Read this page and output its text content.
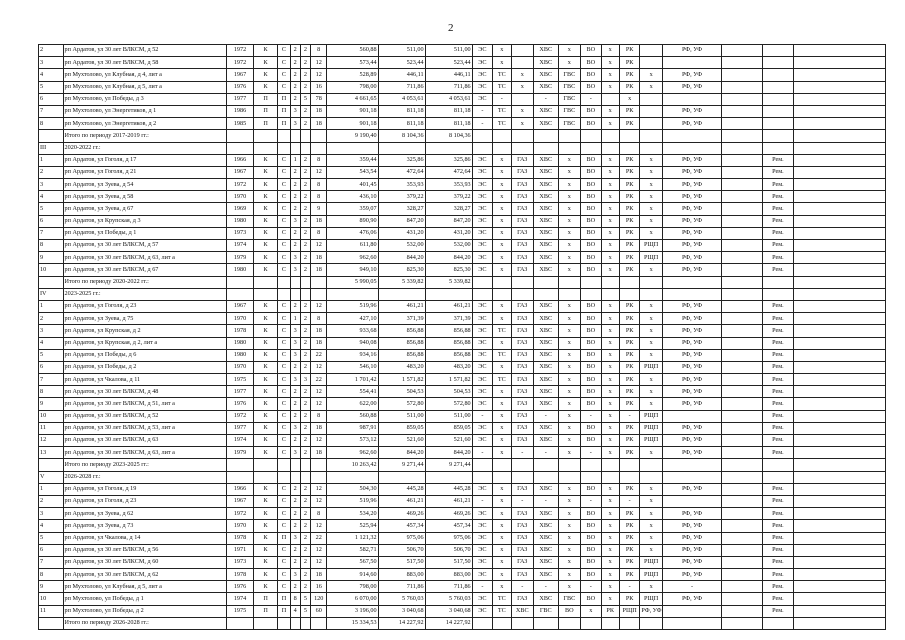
2
2	рп Ардатов, ул 30 лет ВЛКСМ, д 52	1972	К	С	2	2	8	560,88	511,00	511,00	ЭС	х		ХВС	х	ВО	х	РК		РФ, УФ			
3	рп Ардатов, ул 30 лет ВЛКСМ, д 58	1972	К	С	2	2	12	573,44	523,44	523,44	ЭС	х		ХВС	х	ВО	х	РК					
4	рп Мухтолово, ул Клубная, д 4, лит а	1967	К	С	2	2	12	528,89	446,11	446,11	ЭС	ТС	х	ХВС	ГВС	ВО	х	РК	х	РФ, УФ			
5	рп Мухтолово, ул Клубная, д 5, лит а	1976	К	С	2	2	16	798,00	711,86	711,86	ЭС	ТС	х	ХВС	ГВС	ВО	х	РК	х	РФ, УФ			
6	рп Мухтолово, ул Победы, д 3	1977	П	П	2	5	78	4 661,65	4 053,61	4 053,61	ЭС	-		-	ГВС	-		х					
7	рп Мухтолово, ул Энергетиков, д 1	1986	П	П	3	2	18	901,18	811,18	811,18	-	ТС	х	ХВС	ГВС	ВО	х	РК		РФ, УФ			
8	рп Мухтолово, ул Энергетиков, д 2	1985	П	П	3	2	18	901,18	811,18	811,18	-	ТС	х	ХВС	ГВС	ВО	х	РК		РФ, УФ			
	Итого по периоду 2017-2019 гг.:							9 190,40	8 104,36	8 104,36													
III	2020-2022 гг.:																						
1	рп Ардатов, ул Гоголя, д 17	1966	К	С	1	2	8	359,44	325,86	325,86	ЭС	х	ГАЗ	ХВС	х	ВО	х	РК	х	РФ, УФ		Рем.	
2	рп Ардатов, ул Гоголя, д 21	1967	К	С	2	2	12	543,54	472,64	472,64	ЭС	х	ГАЗ	ХВС	х	ВО	х	РК	х	РФ, УФ		Рем.	
3	рп Ардатов, ул Зуева, д 54	1972	К	С	2	2	8	401,45	353,93	353,93	ЭС	х	ГАЗ	ХВС	х	ВО	х	РК	х	РФ, УФ		Рем.	
4	рп Ардатов, ул Зуева, д 58	1970	К	С	2	2	8	436,10	379,22	379,22	ЭС	х	ГАЗ	ХВС	х	ВО	х	РК	х	РФ, УФ		Рем.	
5	рп Ардатов, ул Зуева, д 67	1969	К	С	2	2	9	359,07	328,27	328,27	ЭС	х	ГАЗ	ХВС	х	ВО	х	РК	х	РФ, УФ		Рем.	
6	рп Ардатов, ул Крупская, д 3	1980	К	С	3	2	18	890,90	847,20	847,20	ЭС	х	ГАЗ	ХВС	х	ВО	х	РК	х	РФ, УФ		Рем.	
7	рп Ардатов, ул Победы, д 1	1973	К	С	2	2	8	476,06	431,20	431,20	ЭС	х	ГАЗ	ХВС	х	ВО	х	РК	х	РФ, УФ		Рем.	
8	рп Ардатов, ул 30 лет ВЛКСМ, д 57	1974	К	С	2	2	12	611,80	532,00	532,00	ЭС	х	ГАЗ	ХВС	х	ВО	х	РК	РЩП	РФ, УФ		Рем.	
9	рп Ардатов, ул 30 лет ВЛКСМ, д 63, лит а	1979	К	С	3	2	18	962,60	844,20	844,20	ЭС	х	ГАЗ	ХВС	х	ВО	х	РК	РЩП	РФ, УФ		Рем.	
10	рп Ардатов, ул 30 лет ВЛКСМ, д 67	1980	К	С	3	2	18	949,10	825,30	825,30	ЭС	х	ГАЗ	ХВС	х	ВО	х	РК	х	РФ, УФ		Рем.	
	Итого по периоду 2020-2022 гг.:							5 990,05	5 339,82	5 339,82													
IV	2023-2025 гг.:																						
1	рп Ардатов, ул Гоголя, д 23	1967	К	С	2	2	12	519,96	461,21	461,21	ЭС	х	ГАЗ	ХВС	х	ВО	х	РК	х	РФ, УФ		Рем.	
2	рп Ардатов, ул Зуева, д 75	1970	К	С	1	2	8	427,10	371,39	371,39	ЭС	х	ГАЗ	ХВС	х	ВО	х	РК	х	РФ, УФ		Рем.	
3	рп Ардатов, ул Крупская, д 2	1978	К	С	3	2	18	933,68	856,88	856,88	ЭС	ТС	ГАЗ	ХВС	х	ВО	х	РК	х	РФ, УФ		Рем.	
4	рп Ардатов, ул Крупская, д 2, лит а	1980	К	С	3	2	18	940,08	856,88	856,88	ЭС	х	ГАЗ	ХВС	х	ВО	х	РК	х	РФ, УФ		Рем.	
5	рп Ардатов, ул Победы, д 6	1980	К	С	3	2	22	934,16	856,88	856,88	ЭС	ТС	ГАЗ	ХВС	х	ВО	х	РК	х	РФ, УФ		Рем.	
6	рп Ардатов, ул Победы, д 2	1970	К	С	2	2	12	546,10	483,20	483,20	ЭС	х	ГАЗ	ХВС	х	ВО	х	РК	РЩП	РФ, УФ		Рем.	
7	рп Ардатов, ул Чкалова, д 11	1975	К	С	3	3	22	1 701,42	1 571,82	1 571,82	ЭС	ТС	ГАЗ	ХВС	х	ВО	х	РК	х	РФ, УФ		Рем.	
8	рп Ардатов, ул 30 лет ВЛКСМ, д 48	1977	К	С	2	2	12	554,41	504,53	504,53	ЭС	х	ГАЗ	ХВС	х	ВО	х	РК	х	РФ, УФ		Рем.	
9	рп Ардатов, ул 30 лет ВЛКСМ, д 51, лит а	1976	К	С	2	2	12	622,00	572,80	572,80	ЭС	х	ГАЗ	ХВС	х	ВО	х	РК	х	РФ, УФ		Рем.	
10	рп Ардатов, ул 30 лет ВЛКСМ, д 52	1972	К	С	2	2	8	560,88	511,00	511,00	-	х	ГАЗ	-	х	-	х	-	РЩП			Рем.	
11	рп Ардатов, ул 30 лет ВЛКСМ, д 53, лит а	1977	К	С	3	2	18	987,91	859,05	859,05	ЭС	х	ГАЗ	ХВС	х	ВО	х	РК	РЩП	РФ, УФ		Рем.	
12	рп Ардатов, ул 30 лет ВЛКСМ, д 63	1974	К	С	2	2	12	573,12	521,60	521,60	ЭС	х	ГАЗ	ХВС	х	ВО	х	РК	РЩП	РФ, УФ		Рем.	
13	рп Ардатов, ул 30 лет ВЛКСМ, д 63, лит а	1979	К	С	3	2	18	962,60	844,20	844,20	-	х	-	-	х	-	х	РК	х	РФ, УФ		Рем.	
	Итого по периоду 2023-2025 гг.:							10 263,42	9 271,44	9 271,44													
V	2026-2028 гг.:																						
1	рп Ардатов, ул Гоголя, д 19	1966	К	С	2	2	12	504,30	445,28	445,28	ЭС	х	ГАЗ	ХВС	х	ВО	х	РК	х	РФ, УФ		Рем.	
2	рп Ардатов, ул Гоголя, д 23	1967	К	С	2	2	12	519,96	461,21	461,21	-	х	-	-	х	-	х	-	х			Рем.	
3	рп Ардатов, ул Зуева, д 62	1972	К	С	2	2	8	534,20	469,26	469,26	ЭС	х	ГАЗ	ХВС	х	ВО	х	РК	х	РФ, УФ		Рем.	
4	рп Ардатов, ул Зуева, д 73	1970	К	С	2	2	12	525,94	457,34	457,34	ЭС	х	ГАЗ	ХВС	х	ВО	х	РК	х	РФ, УФ		Рем.	
5	рп Ардатов, ул Чкалова, д 14	1978	К	П	3	2	22	1 121,32	975,06	975,06	ЭС	х	ГАЗ	ХВС	х	ВО	х	РК	х	РФ, УФ		Рем.	
6	рп Ардатов, ул 30 лет ВЛКСМ, д 56	1971	К	С	2	2	12	582,71	506,70	506,70	ЭС	х	ГАЗ	ХВС	х	ВО	х	РК	х	РФ, УФ		Рем.	
7	рп Ардатов, ул 30 лет ВЛКСМ, д 60	1973	К	С	2	2	12	567,50	517,50	517,50	ЭС	х	ГАЗ	ХВС	х	ВО	х	РК	РЩП	РФ, УФ		Рем.	
8	рп Ардатов, ул 30 лет ВЛКСМ, д 62	1978	К	С	3	2	18	914,60	883,00	883,00	ЭС	х	ГАЗ	ХВС	х	ВО	х	РК	РЩП	РФ, УФ		Рем.	
9	рп Мухтолово, ул Клубная, д 5, лит а	1976	К	С	2	2	16	798,00	711,86	711,86	-	х	-	-	х	-	х	-	х	-		Рем.	
10	рп Мухтолово, ул Победы, д 1	1974	П	П	8	5	120	6 070,00	5 760,03	5 760,03	ЭС	ТС	ГАЗ	ХВС	ГВС	ВО	х	РК	РЩП	РФ, УФ		Рем.	
11	рп Мухтолово, ул Победы, д 2	1975	П	П	4	5	60	3 196,00	3 040,68	3 040,68	ЭС	ТС	ХВС	ГВС	ВО	х	РК	РЩП	РФ, УФ			Рем.	
	Итого по периоду 2026-2028 гг.:							15 334,53	14 227,92	14 227,92													
